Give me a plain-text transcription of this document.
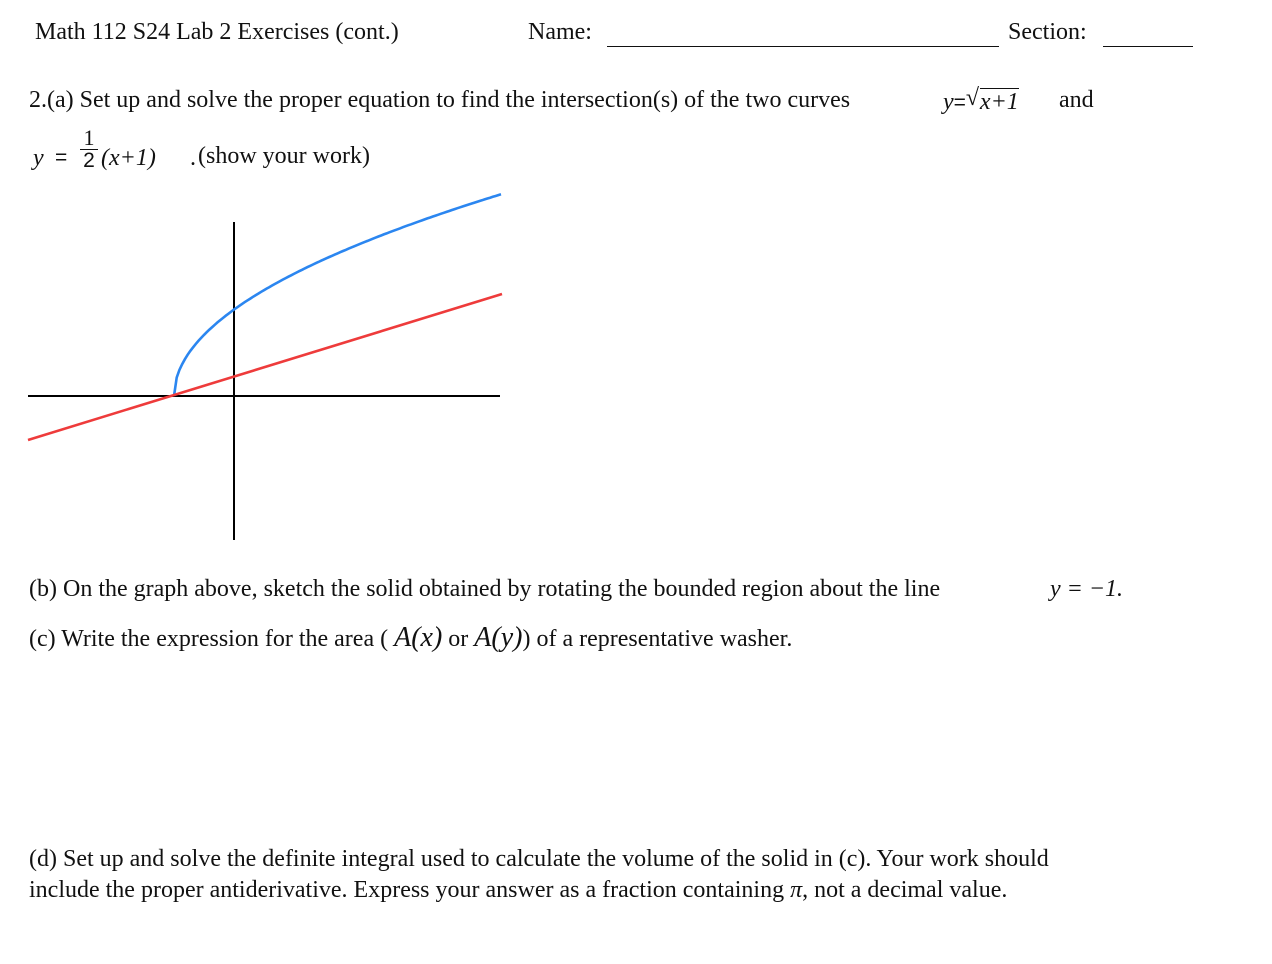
Math 112 S24 Lab 2 Exercises (cont.)	Name:	Section:
2.(a) Set up and solve the proper equation to find the intersection(s) of the two curves	y= √ x+1 and
$y = \frac{1}{2} (x+1)$ . (show your work)
(b) On the graph above, sketch the solid obtained by rotating the bounded region about the line	y = −1.
(c) Write the expression for the area ( A(x) or A(y)) of a representative washer.
(d) Set up and solve the definite integral used to calculate the volume of the solid in (c). Your work should
include the proper antiderivative. Express your answer as a fraction containing π, not a decimal value.
